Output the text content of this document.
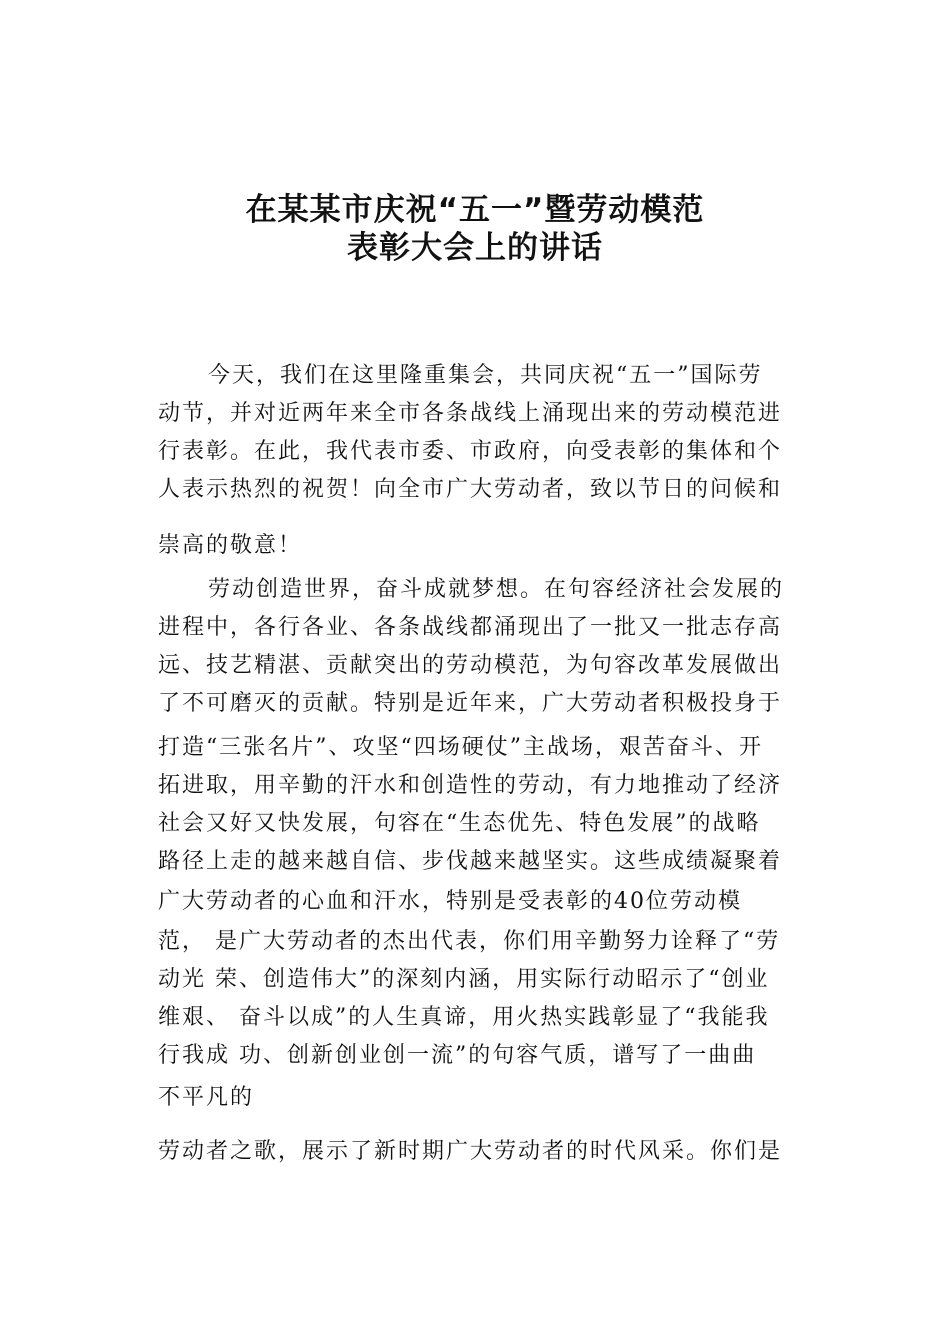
在某某市庆祝“五一”暨劳动模范
表彰大会上的讲话
今天，我们在这里隆重集会，共同庆祝“五一”国际劳
动节，并对近两年来全市各条战线上涌现出来的劳动模范进
行表彰。在此，我代表市委、市政府，向受表彰的集体和个
人表示热烈的祝贺！向全市广大劳动者，致以节日的问候和
崇高的敬意！
劳动创造世界，奋斗成就梦想。在句容经济社会发展的
进程中，各行各业、各条战线都涌现出了一批又一批志存高
远、技艺精湛、贡献突出的劳动模范，为句容改革发展做出
了不可磨灭的贡献。特别是近年来，广大劳动者积极投身于
打造“三张名片”、攻坚“四场硬仗”主战场，艰苦奋斗、开
拓进取，用辛勤的汗水和创造性的劳动，有力地推动了经济
社会又好又快发展，句容在“生态优先、特色发展”的战略
路径上走的越来越自信、步伐越来越坚实。这些成绩凝聚着
广大劳动者的心血和汗水，特别是受表彰的40位劳动模
范， 是广大劳动者的杰出代表，你们用辛勤努力诠释了“劳
动光 荣、创造伟大”的深刻内涵，用实际行动昭示了“创业
维艰、 奋斗以成”的人生真谛，用火热实践彰显了“我能我
行我成 功、创新创业创一流”的句容气质，谱写了一曲曲
不平凡的
劳动者之歌，展示了新时期广大劳动者的时代风采。你们是
